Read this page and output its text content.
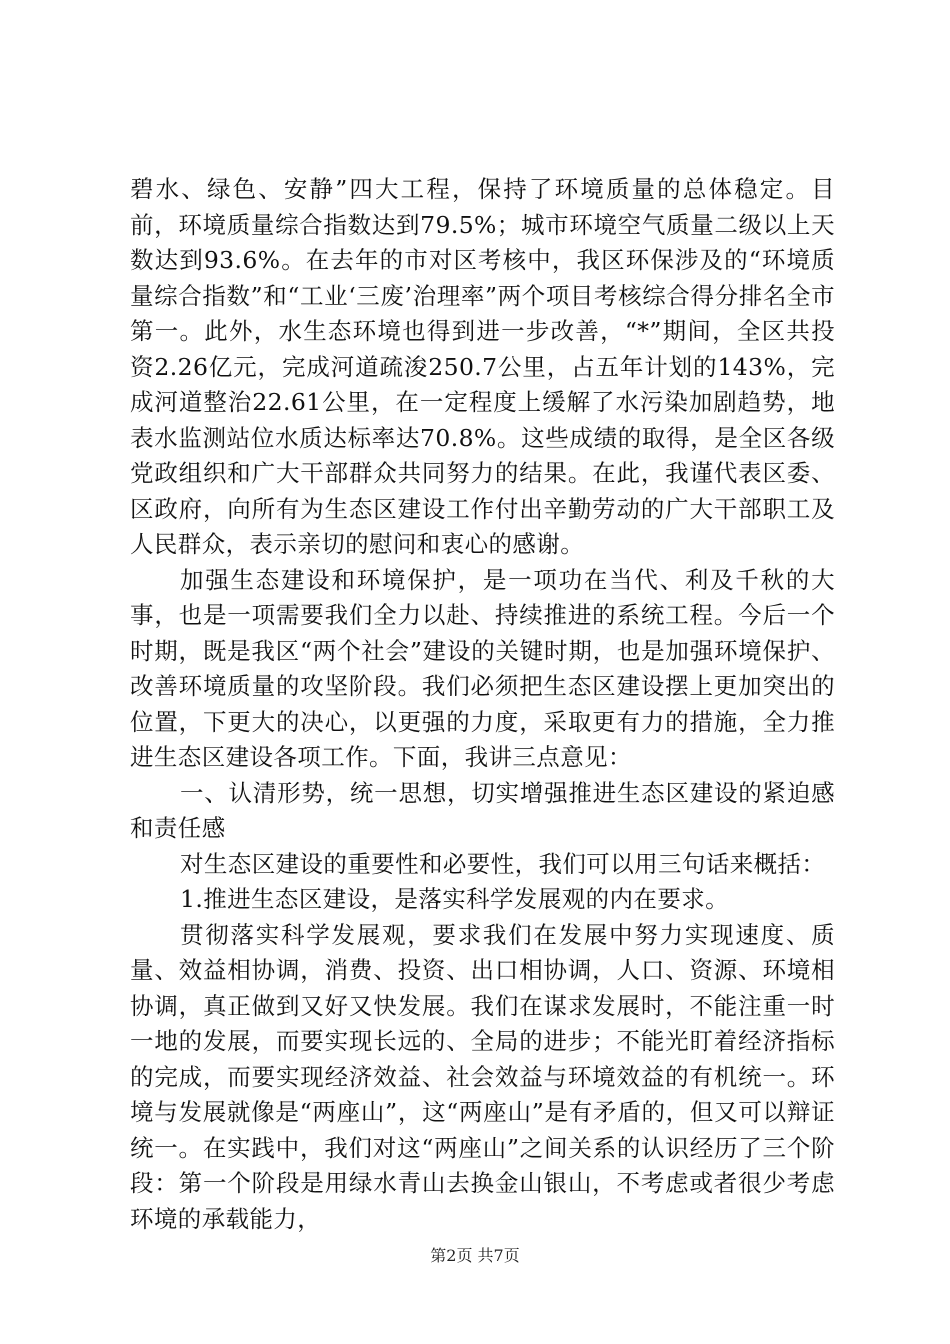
碧水、绿色、安静”四大工程，保持了环境质量的总体稳定。目前，环境质量综合指数达到79.5%；城市环境空气质量二级以上天数达到93.6%。在去年的市对区考核中，我区环保涉及的“环境质量综合指数”和“工业‘三废’治理率”两个项目考核综合得分排名全市第一。此外，水生态环境也得到进一步改善，“*”期间，全区共投资2.26亿元，完成河道疏浚250.7公里，占五年计划的143%，完成河道整治22.61公里，在一定程度上缓解了水污染加剧趋势，地表水监测站位水质达标率达70.8%。这些成绩的取得，是全区各级党政组织和广大干部群众共同努力的结果。在此，我谨代表区委、区政府，向所有为生态区建设工作付出辛勤劳动的广大干部职工及人民群众，表示亲切的慰问和衷心的感谢。

加强生态建设和环境保护，是一项功在当代、利及千秋的大事，也是一项需要我们全力以赴、持续推进的系统工程。今后一个时期，既是我区“两个社会”建设的关键时期，也是加强环境保护、改善环境质量的攻坚阶段。我们必须把生态区建设摆上更加突出的位置，下更大的决心，以更强的力度，采取更有力的措施，全力推进生态区建设各项工作。下面，我讲三点意见：

一、认清形势，统一思想，切实增强推进生态区建设的紧迫感和责任感

对生态区建设的重要性和必要性，我们可以用三句话来概括：

1.推进生态区建设，是落实科学发展观的内在要求。

贯彻落实科学发展观，要求我们在发展中努力实现速度、质量、效益相协调，消费、投资、出口相协调，人口、资源、环境相协调，真正做到又好又快发展。我们在谋求发展时，不能注重一时一地的发展，而要实现长远的、全局的进步；不能光盯着经济指标的完成，而要实现经济效益、社会效益与环境效益的有机统一。环境与发展就像是“两座山”，这“两座山”是有矛盾的，但又可以辩证统一。在实践中，我们对这“两座山”之间关系的认识经历了三个阶段：第一个阶段是用绿水青山去换金山银山，不考虑或者很少考虑环境的承载能力，

第2页 共7页
